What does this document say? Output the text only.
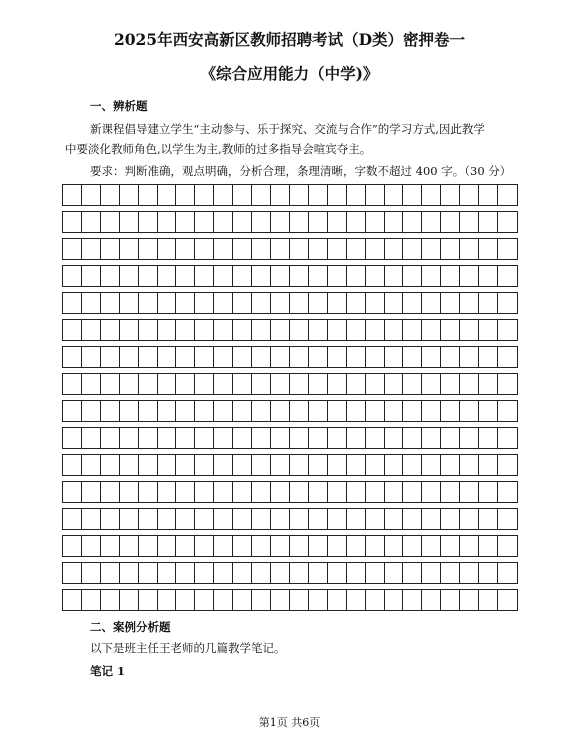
2025年西安高新区教师招聘考试（D类）密押卷一
《综合应用能力（中学)》
一、辨析题
新课程倡导建立学生“主动参与、乐于探究、交流与合作”的学习方式,因此教学
中要淡化教师角色,以学生为主,教师的过多指导会喧宾夺主。
要求：判断准确，观点明确，分析合理，条理清晰，字数不超过 400 字。（30 分）
二、案例分析题
以下是班主任王老师的几篇教学笔记。
笔记 1
第1页 共6页
